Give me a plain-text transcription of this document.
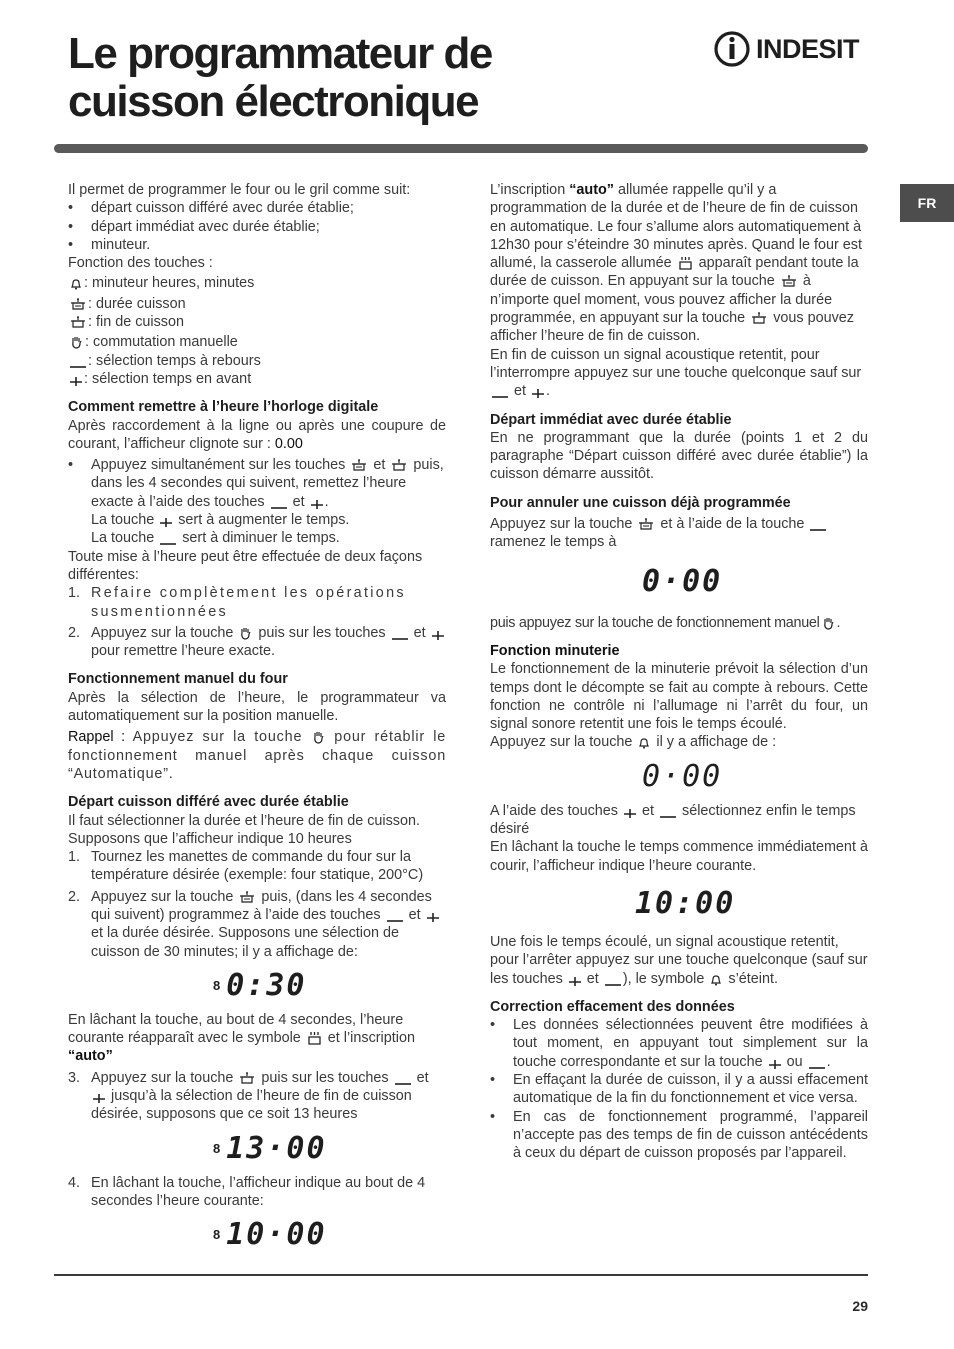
Le programmateur de
cuisson électronique
INDESIT
FR

Il permet de programmer le four ou le gril comme suit:

• départ cuisson différé avec durée établie;
• départ immédiat avec durée établie;
• minuteur.

Fonction des touches :

: minuteur heures, minutes

: durée cuisson

: fin de cuisson

: commutation manuelle

: sélection temps à rebours

: sélection temps en avant

Comment remettre à l’heure l’horloge digitale

Après raccordement à la ligne ou après une coupure de courant, l’afficheur clignote sur : 0.00

• Appuyez simultanément sur les touches et puis, dans les 4 secondes qui suivent, remettez l’heure exacte à l’aide des touches et .
La touche sert à augmenter le temps.
La touche sert à diminuer le temps.

Toute mise à l’heure peut être effectuée de deux façons différentes:

1. Refaire complètement les opérations susmentionnées
2. Appuyez sur la touche puis sur les touches et  pour remettre l’heure exacte.

Fonctionnement manuel du four

Après la sélection de l’heure, le programmateur va automatiquement sur la position manuelle.

Rappel : Appuyez sur la touche pour rétablir le fonctionnement manuel après chaque cuisson “Automatique”.

Départ cuisson différé avec durée établie

Il faut sélectionner la durée et l’heure de fin de cuisson. Supposons que l’afficheur indique 10 heures

1. Tournez les manettes de commande du four sur la température désirée (exemple: four statique, 200°C)
2. Appuyez sur la touche puis, (dans les 4 secondes qui suivent) programmez à l’aide des touches et  et la durée désirée. Supposons une sélection de cuisson de 30 minutes; il y a affichage de:
8 0:30

En lâchant la touche, au bout de 4 secondes, l’heure courante réapparaît avec le symbole et l’inscription
“auto”

3. Appuyez sur la touche puis sur les touches et  jusqu’à la sélection de l’heure de fin de cuisson désirée, supposons que ce soit 13 heures
8 13·00
4. En lâchant la touche, l’afficheur indique au bout de 4 secondes l’heure courante:
8 10·00

L’inscription “auto” allumée rappelle qu’il y a programmation de la durée et de l’heure de fin de cuisson en automatique. Le four s’allume alors automatiquement à 12h30 pour s’éteindre 30 minutes après. Quand le four est allumé, la casserole allumée apparaît pendant toute la durée de cuisson. En appuyant sur la touche à n’importe quel moment, vous pouvez afficher la durée programmée, en appuyant sur la touche vous pouvez afficher l’heure de fin de cuisson.

En fin de cuisson un signal acoustique retentit, pour l’interrompre appuyez sur une touche quelconque sauf sur  et .

Départ immédiat avec durée établie

En ne programmant que la durée (points 1 et 2 du paragraphe “Départ cuisson différé avec durée établie”) la cuisson démarre aussitôt.

Pour annuler une cuisson déjà programmée

Appuyez sur la touche et à l’aide de la touche
ramenez le temps à

0·00

puis appuyez sur la touche de fonctionnement manuel .

Fonction minuterie

Le fonctionnement de la minuterie prévoit la sélection d’un temps dont le décompte se fait au compte à rebours. Cette fonction ne contrôle ni l’allumage ni l’arrêt du four, un signal sonore retentit une fois le temps écoulé.

Appuyez sur la touche il y a affichage de :

0·00

A l’aide des touches et sélectionnez enfin le temps désiré

En lâchant la touche le temps commence immédiatement à courir, l’afficheur indique l’heure courante.

10:00

Une fois le temps écoulé, un signal acoustique retentit, pour l’arrêter appuyez sur une touche quelconque (sauf sur les touches et ), le symbole s’éteint.

Correction effacement des données

• Les données sélectionnées peuvent être modifiées à tout moment, en appuyant tout simplement sur la touche correspondante et sur la touche ou .
• En effaçant la durée de cuisson, il y a aussi effacement automatique de la fin du fonctionnement et vice versa.
• En cas de fonctionnement programmé, l’appareil n’accepte pas des temps de fin de cuisson antécédents à ceux du départ de cuisson proposés par l’appareil.
29
